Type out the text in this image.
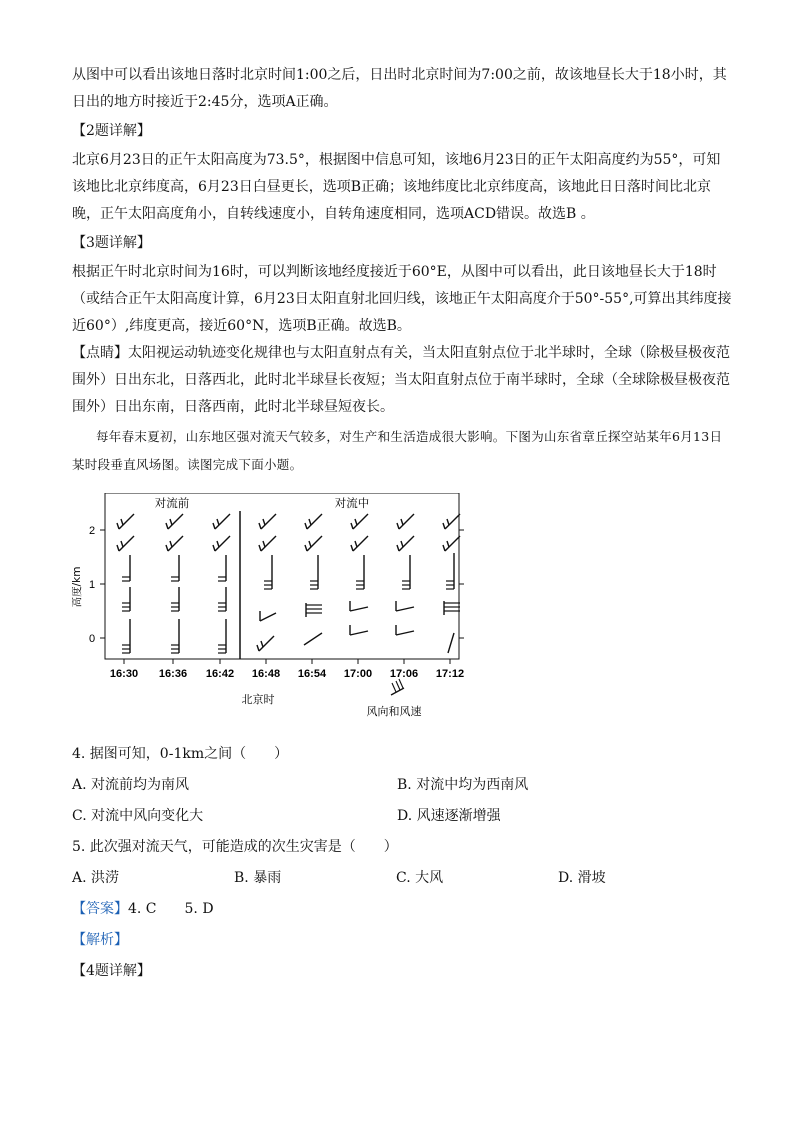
从图中可以看出该地日落时北京时间1:00之后，日出时北京时间为7:00之前，故该地昼长大于18小时，其日出的地方时接近于2:45分，选项A正确。

【2题详解】

北京6月23日的正午太阳高度为73.5°，根据图中信息可知，该地6月23日的正午太阳高度约为55°，可知该地比北京纬度高，6月23日白昼更长，选项B正确；该地纬度比北京纬度高，该地此日日落时间比北京晚，正午太阳高度角小，自转线速度小，自转角速度相同，选项ACD错误。故选B 。

【3题详解】

根据正午时北京时间为16时，可以判断该地经度接近于60°E，从图中可以看出，此日该地昼长大于18时（或结合正午太阳高度计算，6月23日太阳直射北回归线，该地正午太阳高度介于50°-55°,可算出其纬度接近60°）,纬度更高，接近60°N，选项B正确。故选B。

【点睛】太阳视运动轨迹变化规律也与太阳直射点有关，当太阳直射点位于北半球时，全球（除极昼极夜范围外）日出东北，日落西北，此时北半球昼长夜短；当太阳直射点位于南半球时，全球（全球除极昼极夜范围外）日出东南，日落西南，此时北半球昼短夜长。

每年春末夏初，山东地区强对流天气较多，对生产和生活造成很大影响。下图为山东省章丘探空站某年6月13日某时段垂直风场图。读图完成下面小题。

2
1
0
高度/km
对流前	对流中
16:30 16:36 16:42 16:48 16:54 17:00 17:06 17:12
北京时
风向和风速

4. 据图可知，0-1km之间（　　）

A. 对流前均为南风	B. 对流中均为西南风
C. 对流中风向变化大	D. 风速逐渐增强

5. 此次强对流天气，可能造成的次生灾害是（　　）

A. 洪涝	B. 暴雨	C. 大风	D. 滑坡

【答案】4. C　　5. D

【解析】

【4题详解】
